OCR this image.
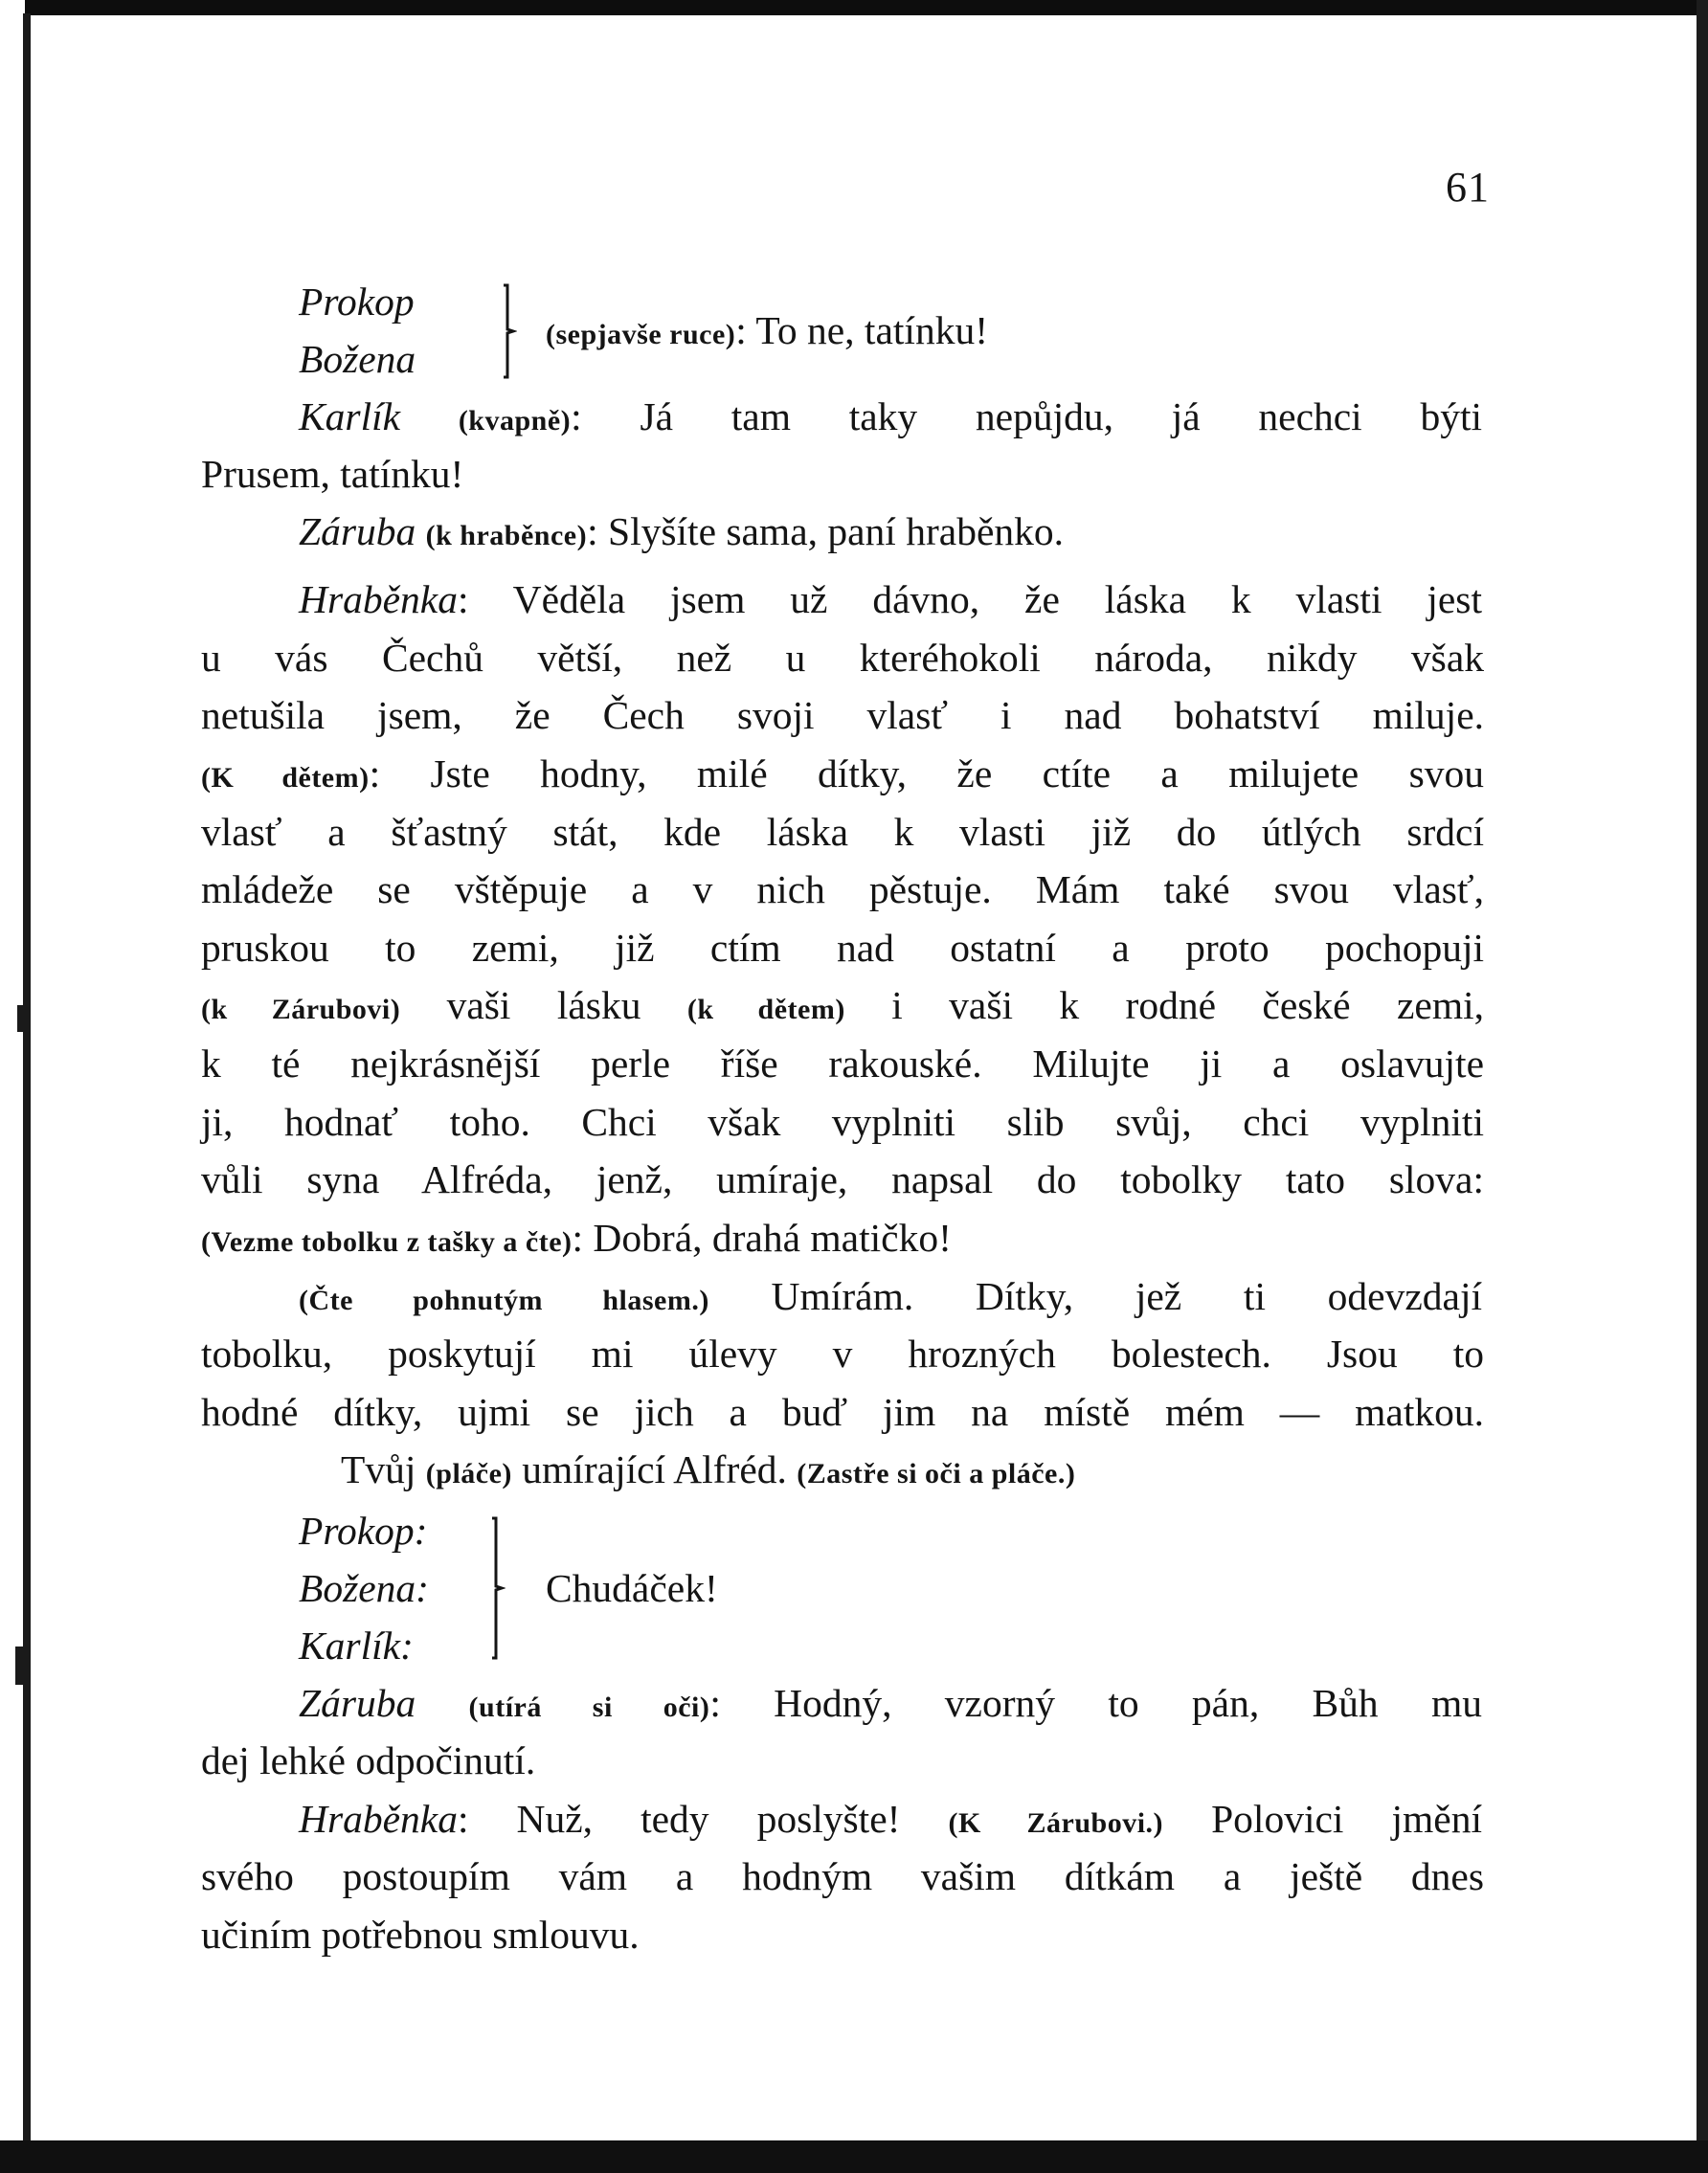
61
Prokop
Božena
(sepjavše ruce): To ne, tatínku!
Karlík (kvapně): Já tam taky nepůjdu, já nechci býti
Prusem, tatínku!
Záruba (k hraběnce): Slyšíte sama, paní hraběnko.
Hraběnka: Věděla jsem už dávno, že láska k vlasti jest
u vás Čechů větší, než u kteréhokoli národa, nikdy však
netušila jsem, že Čech svoji vlasť i nad bohatství miluje.
(K dětem): Jste hodny, milé dítky, že ctíte a milujete svou
vlasť a šťastný stát, kde láska k vlasti již do útlých srdcí
mládeže se vštěpuje a v nich pěstuje. Mám také svou vlasť,
pruskou to zemi, již ctím nad ostatní a proto pochopuji
(k Zárubovi) vaši lásku (k dětem) i vaši k rodné české zemi,
k té nejkrásnější perle říše rakouské. Milujte ji a oslavujte
ji, hodnať toho. Chci však vyplniti slib svůj, chci vyplniti
vůli syna Alfréda, jenž, umíraje, napsal do tobolky tato slova:
(Vezme tobolku z tašky a čte): Dobrá, drahá matičko!
(Čte pohnutým hlasem.) Umírám. Dítky, jež ti odevzdají
tobolku, poskytují mi úlevy v hrozných bolestech. Jsou to
hodné dítky, ujmi se jich a buď jim na místě mém — matkou.
Tvůj (pláče) umírající Alfréd. (Zastře si oči a pláče.)
Prokop:
Božena:
Karlík:
Chudáček!
Záruba (utírá si oči): Hodný, vzorný to pán, Bůh mu
dej lehké odpočinutí.
Hraběnka: Nuž, tedy poslyšte! (K Zárubovi.) Polovici jmění
svého postoupím vám a hodným vašim dítkám a ještě dnes
učiním potřebnou smlouvu.
